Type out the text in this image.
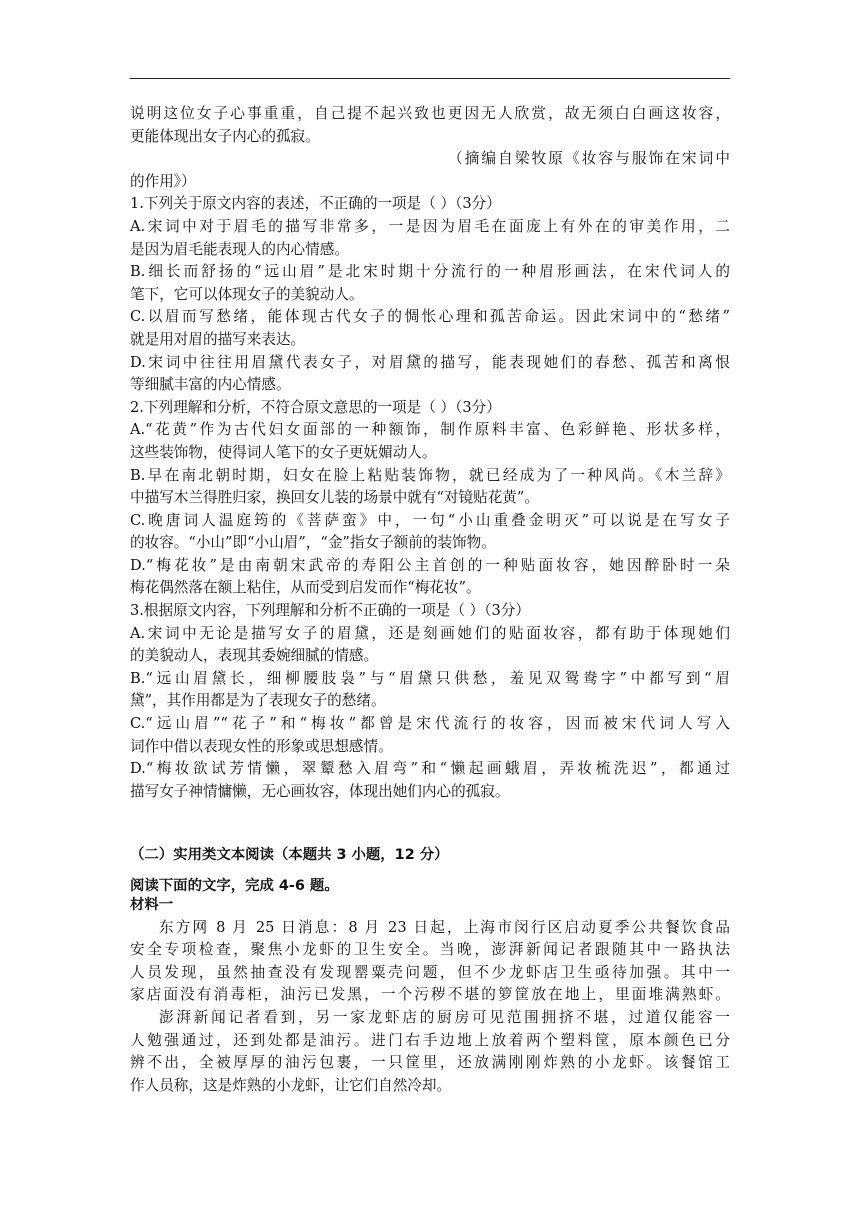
说明这位女子心事重重，自己提不起兴致也更因无人欣赏，故无须白白画这妆容，
更能体现出女子内心的孤寂。
（摘编自梁牧原《妆容与服饰在宋词中
的作用》）
1.下列关于原文内容的表述，不正确的一项是（ ）（3分）
A.宋词中对于眉毛的描写非常多，一是因为眉毛在面庞上有外在的审美作用，二
是因为眉毛能表现人的内心情感。
B.细长而舒扬的“远山眉”是北宋时期十分流行的一种眉形画法，在宋代词人的
笔下，它可以体现女子的美貌动人。
C.以眉而写愁绪，能体现古代女子的惆怅心理和孤苦命运。因此宋词中的“愁绪”
就是用对眉的描写来表达。
D.宋词中往往用眉黛代表女子，对眉黛的描写，能表现她们的春愁、孤苦和离恨
等细腻丰富的内心情感。
2.下列理解和分析，不符合原文意思的一项是（ ）（3分）
A.“花黄”作为古代妇女面部的一种额饰，制作原料丰富、色彩鲜艳、形状多样，
这些装饰物，使得词人笔下的女子更妩媚动人。
B.早在南北朝时期，妇女在脸上粘贴装饰物，就已经成为了一种风尚。《木兰辞》
中描写木兰得胜归家，换回女儿装的场景中就有“对镜贴花黄”。
C.晚唐词人温庭筠的《菩萨蛮》中，一句“小山重叠金明灭”可以说是在写女子
的妆容。“小山”即“小山眉”，“金”指女子额前的装饰物。
D.“梅花妆”是由南朝宋武帝的寿阳公主首创的一种贴面妆容，她因醉卧时一朵
梅花偶然落在额上粘住，从而受到启发而作“梅花妆”。
3.根据原文内容，下列理解和分析不正确的一项是（ ）（3分）
A.宋词中无论是描写女子的眉黛，还是刻画她们的贴面妆容，都有助于体现她们
的美貌动人，表现其委婉细腻的情感。
B.“远山眉黛长，细柳腰肢袅”与“眉黛只供愁，羞见双鸳鸯字”中都写到“眉
黛”，其作用都是为了表现女子的愁绪。
C.“远山眉”“花子”和“梅妆”都曾是宋代流行的妆容，因而被宋代词人写入
词作中借以表现女性的形象或思想感情。
D.“梅妆欲试芳情懒，翠颦愁入眉弯”和“懒起画蛾眉，弄妆梳洗迟”，都通过
描写女子神情慵懒，无心画妆容，体现出她们内心的孤寂。
（二）实用类文本阅读（本题共 3 小题，12 分）
阅读下面的文字，完成 4-6 题。
材料一
东方网 8 月 25 日消息：8 月 23 日起，上海市闵行区启动夏季公共餐饮食品
安全专项检查，聚焦小龙虾的卫生安全。当晚，澎湃新闻记者跟随其中一路执法
人员发现，虽然抽查没有发现罂粟壳问题，但不少龙虾店卫生亟待加强。其中一
家店面没有消毒柜，油污已发黑，一个污秽不堪的箩筐放在地上，里面堆满熟虾。
澎湃新闻记者看到，另一家龙虾店的厨房可见范围拥挤不堪，过道仅能容一
人勉强通过，还到处都是油污。进门右手边地上放着两个塑料筐，原本颜色已分
辨不出，全被厚厚的油污包裹，一只筐里，还放满刚刚炸熟的小龙虾。该餐馆工
作人员称，这是炸熟的小龙虾，让它们自然冷却。
